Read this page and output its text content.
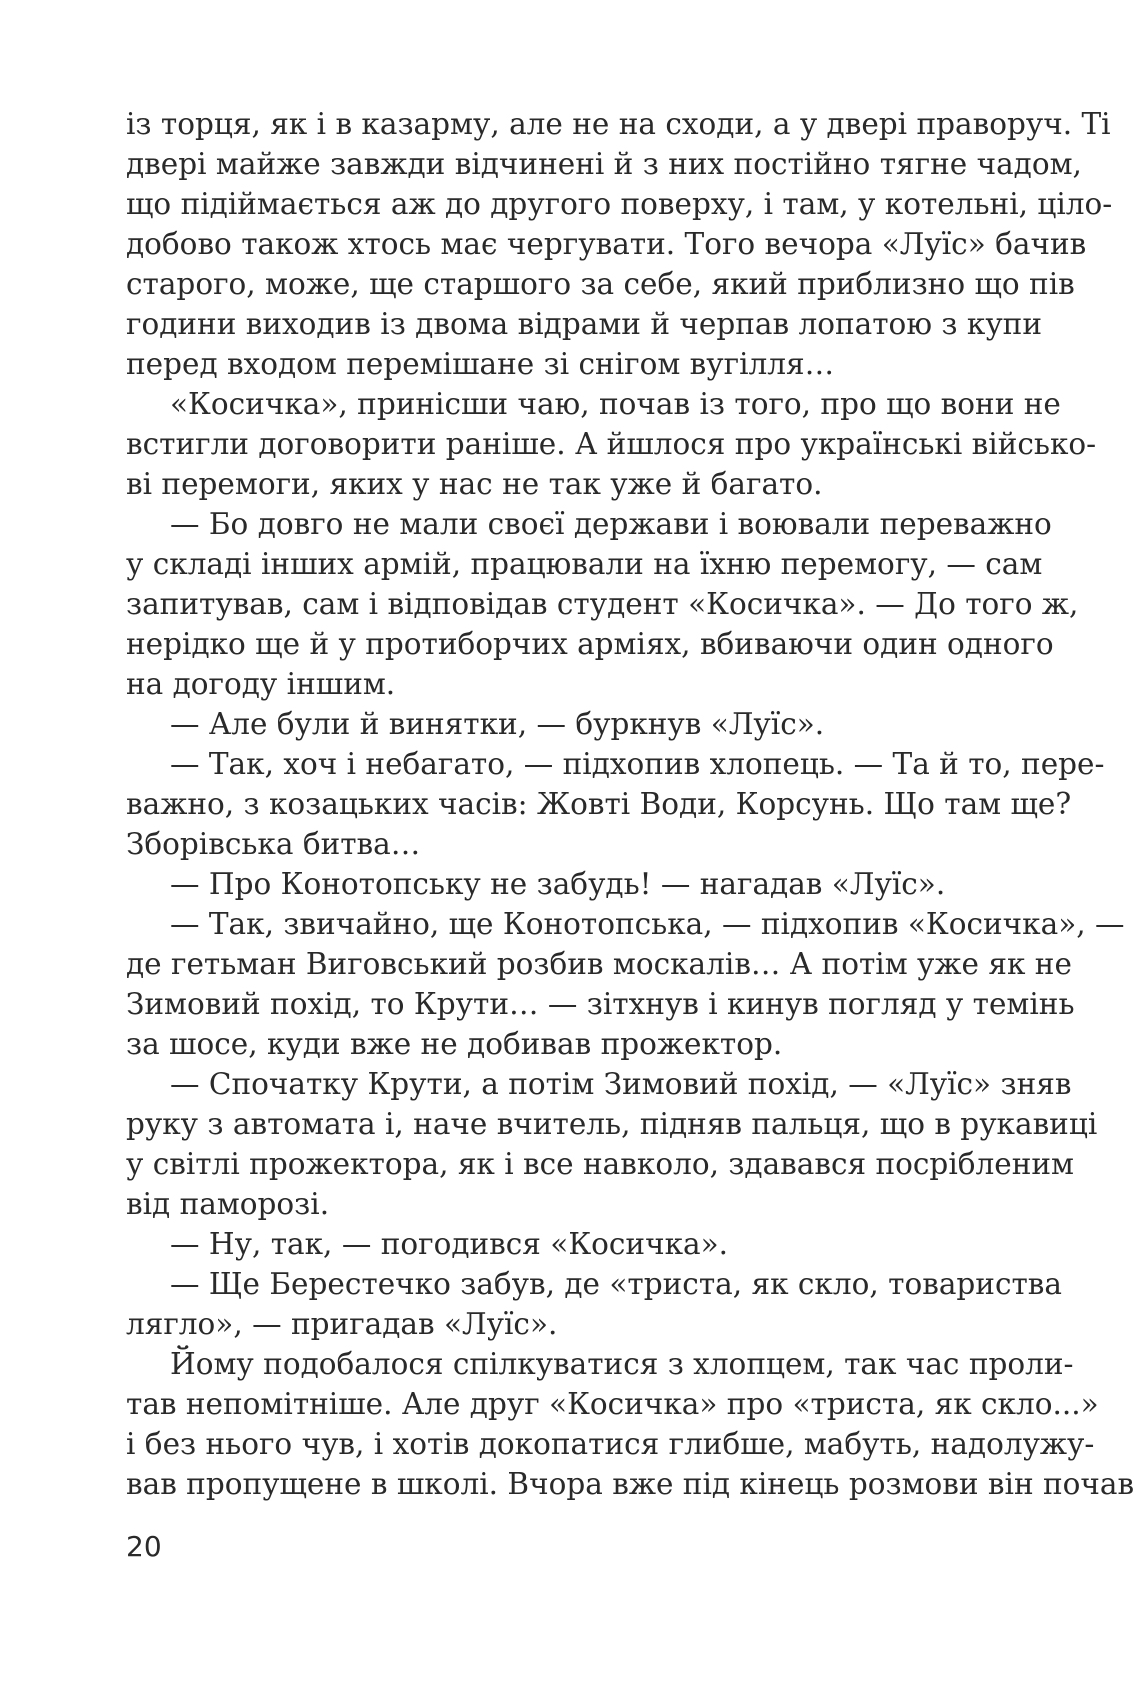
із торця, як і в казарму, але не на сходи, а у двері праворуч. Ті
двері майже завжди відчинені й з них постійно тягне чадом,
що підіймається аж до другого поверху, і там, у котельні, ціло-
добово також хтось має чергувати. Того вечора «Луїс» бачив
старого, може, ще старшого за себе, який приблизно що пів
години виходив із двома відрами й черпав лопатою з купи
перед входом перемішане зі снігом вугілля…
«Косичка», принісши чаю, почав із того, про що вони не
встигли договорити раніше. А йшлося про українські військо-
ві перемоги, яких у нас не так уже й багато.
— Бо довго не мали своєї держави і воювали переважно
у складі інших армій, працювали на їхню перемогу, — сам
запитував, сам і відповідав студент «Косичка». — До того ж,
нерідко ще й у протиборчих арміях, вбиваючи один одного
на догоду іншим.
— Але були й винятки, — буркнув «Луїс».
— Так, хоч і небагато, — підхопив хлопець. — Та й то, пере-
важно, з козацьких часів: Жовті Води, Корсунь. Що там ще?
Зборівська битва…
— Про Конотопську не забудь! — нагадав «Луїс».
— Так, звичайно, ще Конотопська, — підхопив «Косичка», —
де гетьман Виговський розбив москалів… А потім уже як не
Зимовий похід, то Крути… — зітхнув і кинув погляд у темінь
за шосе, куди вже не добивав прожектор.
— Спочатку Крути, а потім Зимовий похід, — «Луїс» зняв
руку з автомата і, наче вчитель, підняв пальця, що в рукавиці
у світлі прожектора, як і все навколо, здавався посрібленим
від паморозі.
— Ну, так, — погодився «Косичка».
— Ще Берестечко забув, де «триста, як скло, товариства
лягло», — пригадав «Луїс».
Йому подобалося спілкуватися з хлопцем, так час проли-
тав непомітніше. Але друг «Косичка» про «триста, як скло...»
і без нього чув, і хотів докопатися глибше, мабуть, надолужу-
вав пропущене в школі. Вчора вже під кінець розмови він почав
20
